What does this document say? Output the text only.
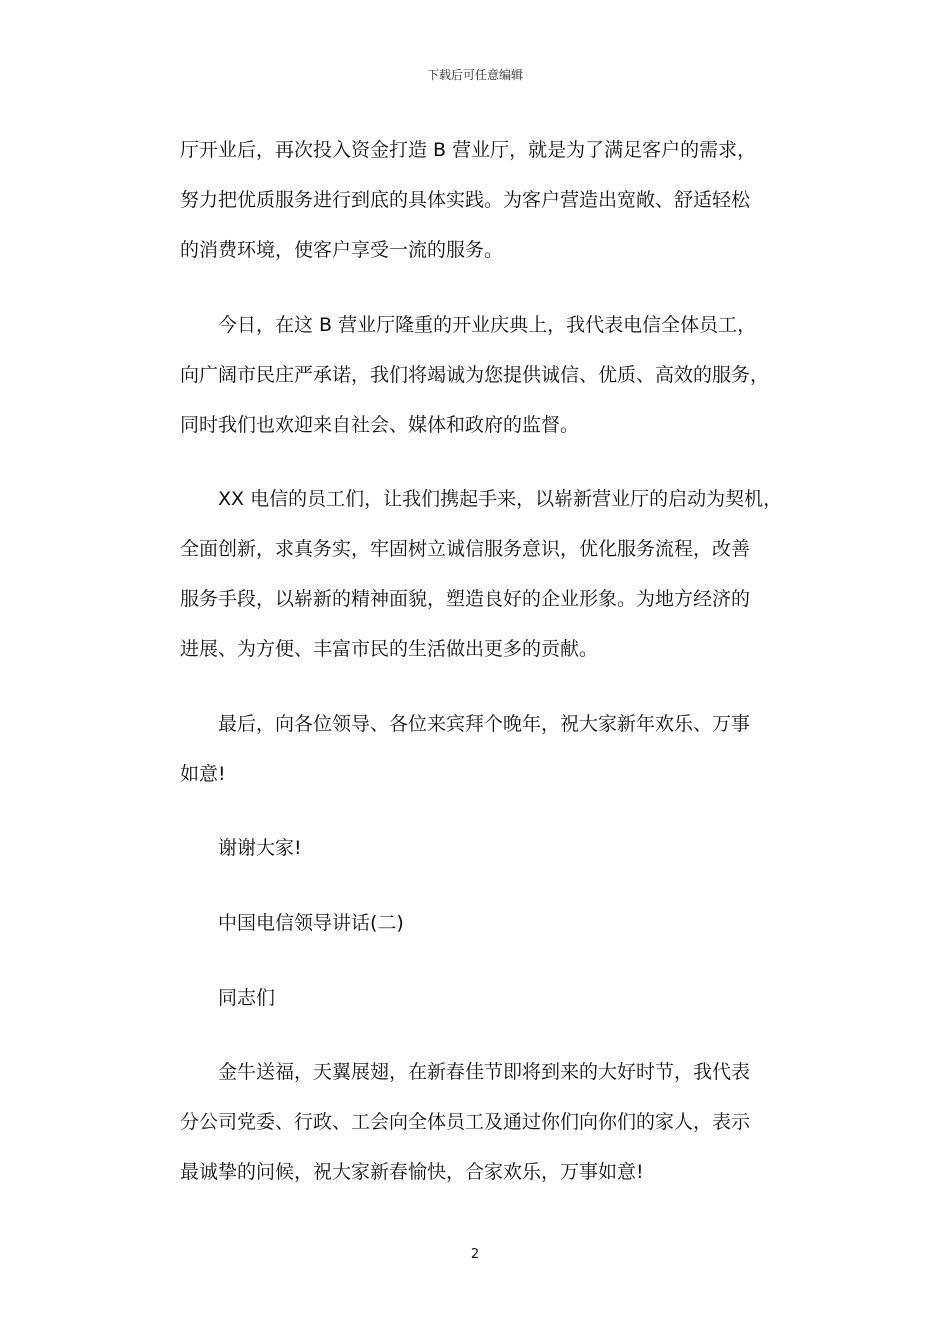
下载后可任意编辑
厅开业后，再次投入资金打造 B 营业厅，就是为了满足客户的需求，
努力把优质服务进行到底的具体实践。为客户营造出宽敞、舒适轻松
的消费环境，使客户享受一流的服务。
今日，在这 B 营业厅隆重的开业庆典上，我代表电信全体员工，
向广阔市民庄严承诺，我们将竭诚为您提供诚信、优质、高效的服务，
同时我们也欢迎来自社会、媒体和政府的监督。
XX 电信的员工们，让我们携起手来，以崭新营业厅的启动为契机，
全面创新，求真务实，牢固树立诚信服务意识，优化服务流程，改善
服务手段，以崭新的精神面貌，塑造良好的企业形象。为地方经济的
进展、为方便、丰富市民的生活做出更多的贡献。
最后，向各位领导、各位来宾拜个晚年，祝大家新年欢乐、万事
如意!
谢谢大家!
中国电信领导讲话(二)
同志们
金牛送福，天翼展翅，在新春佳节即将到来的大好时节，我代表
分公司党委、行政、工会向全体员工及通过你们向你们的家人，表示
最诚挚的问候，祝大家新春愉快，合家欢乐，万事如意!
2
